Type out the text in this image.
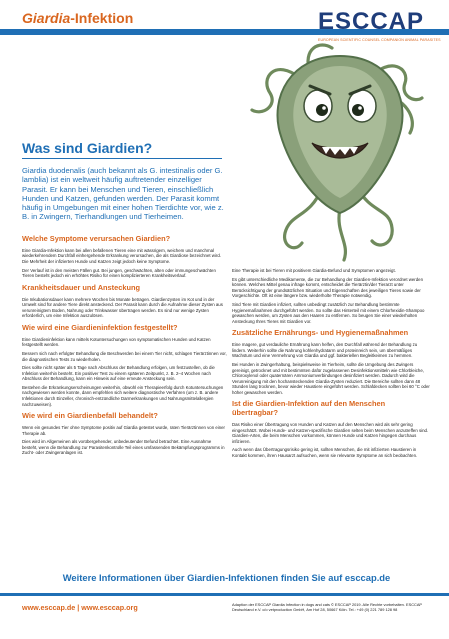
Giardia-Infektion	ESCCAP
EUROPEAN SCIENTIFIC COUNSEL COMPANION ANIMAL PARASITES
Was sind Giardien?
Giardia duodenalis (auch bekannt als G. intestinalis oder G. lamblia) ist ein weltweit häufig auftretender einzelliger Parasit. Er kann bei Menschen und Tieren, einschließlich Hunden und Katzen, gefunden werden. Der Parasit kommt häufig in Umgebungen mit einer hohen Tierdichte vor, wie z. B. in Zwingern, Tierhandlungen und Tierheimen.
Welche Symptome verursachen Giardien?

Eine Giardia-Infektion kann bei allen befallenen Tieren eine mit wässrigem, weichem und manchmal wiederkehrendem Durchfall einhergehende Erkrankung verursachen, die als Giardiose bezeichnet wird. Die Mehrheit der infizierten Hunde und Katzen zeigt jedoch keine Symptome.

Der Verlauf ist in den meisten Fällen gut. Bei jungen, geschwächten, alten oder immungeschwächten Tieren besteht jedoch ein erhöhtes Risiko für einen komplizierteren Krankheitsverlauf.

Krankheitsdauer und Ansteckung

Die Inkubationsdauer kann mehrere Wochen bis Monate betragen. Giardienzysten im Kot und in der Umwelt sind für andere Tiere direkt ansteckend. Der Parasit kann durch die Aufnahme dieser Zysten aus verunreinigtem Boden, Nahrung oder Trinkwasser übertragen werden. Es sind nur wenige Zysten erforderlich, um eine Infektion auszulösen.

Wie wird eine Giardieninfektion festgestellt?

Eine Giardieninfektion kann mittels Kotuntersuchungen von symptomatischen Hunden und Katzen festgestellt werden.

Bessern sich nach erfolgter Behandlung die Beschwerden bei einem Tier nicht, schlagen Tierärztinnen vor, die diagnostischen Tests zu wiederholen.

Dies sollte nicht später als 5 Tage nach Abschluss der Behandlung erfolgen, um festzustellen, ob die Infektion weiterhin besteht. Ein positiver Test zu einem späteren Zeitpunkt, z. B. 2–4 Wochen nach Abschluss der Behandlung, kann ein Hinweis auf eine erneute Ansteckung sein.

Bestehen die Erkrankungserscheinungen weiterhin, obwohl ein Therapieerfolg durch Kotuntersuchungen nachgewiesen werden konnte, dann empfehlen sich weitere diagnostische Verfahren (um z. B. andere Infektionen durch Einzeller, chronisch-entzündliche Darmerkrankungen und Nahrungsmittelallergien nachzuweisen).

Wie wird ein Giardienbefall behandelt?

Wenn ein gesundes Tier ohne Symptome positiv auf Giardia getestet wurde, raten Tierärztinnen von einer Therapie ab.

Dies wird im Allgemeinen als vorübergehender, unbedeutender Befund betrachtet. Eine Ausnahme besteht, wenn die Behandlung zur Parasitenkontrolle Teil eines umfassenden Bekämpfungsprogramms in Zucht- oder Zwingeranlagen ist.

Eine Therapie ist bei Tieren mit positivem Giardia-Befund und Symptomen angezeigt.

Es gibt unterschiedliche Medikamente, die zur Behandlung der Giardien-Infektion verordnet werden können. Welches Mittel genau infrage kommt, entscheidet die Tierärztin/der Tierarzt unter Berücksichtigung der grundsätzlichen Situation und Eigenschaften des jeweiligen Tieres sowie der Vorgeschichte. Oft ist eine längere bzw. wiederholte Therapie notwendig.

Sind Tiere mit Giardien infiziert, sollten unbedingt zusätzlich zur Behandlung bestimmte Hygienemaßnahmen durchgeführt werden. So sollte das Hinterteil mit einem Chlorhexidin-Shampoo gewaschen werden, um Zysten aus den Haaren zu entfernen. So beugen Sie einer wiederholten Ansteckung Ihres Tieres mit Giardien vor.

Zusätzliche Ernährungs- und Hygienemaßnahmen

Eine magere, gut verdauliche Ernährung kann helfen, den Durchfall während der Behandlung zu lindern. Weiterhin sollte die Nahrung kohlenhydratarm und proteinreich sein, um übermäßiges Wachstum und eine Vermehrung von Giardia und ggf. bakteriellen Begleitkeimen zu hemmen.

Bei Hunden in Zwingerhaltung, beispielsweise im Tierheim, sollte die Umgebung des Zwingers gereinigt, getrocknet und mit bestimmten dafür zugelassenen Desinfektionsmitteln wie Chlorbleiche, Chloroxylenol oder quaternären Ammoniumverbindungen desinfiziert werden. Dadurch wird die Verunreinigung mit den hochansteckenden Giardia-Zysten reduziert. Die Bereiche sollten dann 48 Stunden lang trocknen, bevor wieder Haustiere eingeführt werden. Schlafdecken sollten bei 60 °C oder höher gewaschen werden.

Ist die Giardien-Infektion auf den Menschen übertragbar?

Das Risiko einer Übertragung von Hunden und Katzen auf den Menschen wird als sehr gering eingeschätzt. Wobei Hunde- und Katzen-spezifische Giardien selten beim Menschen anzutreffen sind. Giardien-Arten, die beim Menschen vorkommen, können Hunde und Katzen hingegen durchaus infizieren.

Auch wenn das Übertragungsrisiko gering ist, sollten Menschen, die mit infizierten Haustieren in Kontakt kommen, ihren Hausarzt aufsuchen, wenn sie relevante Symptome an sich beobachten.

Weitere Informationen über Giardien-Infektionen finden Sie auf esccap.de
www.esccap.de | www.esccap.org	Adaption der ESCCAP Giardia Infection in dogs and cats © ESCCAP 2019. Alle Rechte vorbehalten. ESCCAP Deutschland e.V. c/o vetproduction GmbH, Am Hof 28, 50667 Köln. Tel.: +49 (0) 221 789 128 98
